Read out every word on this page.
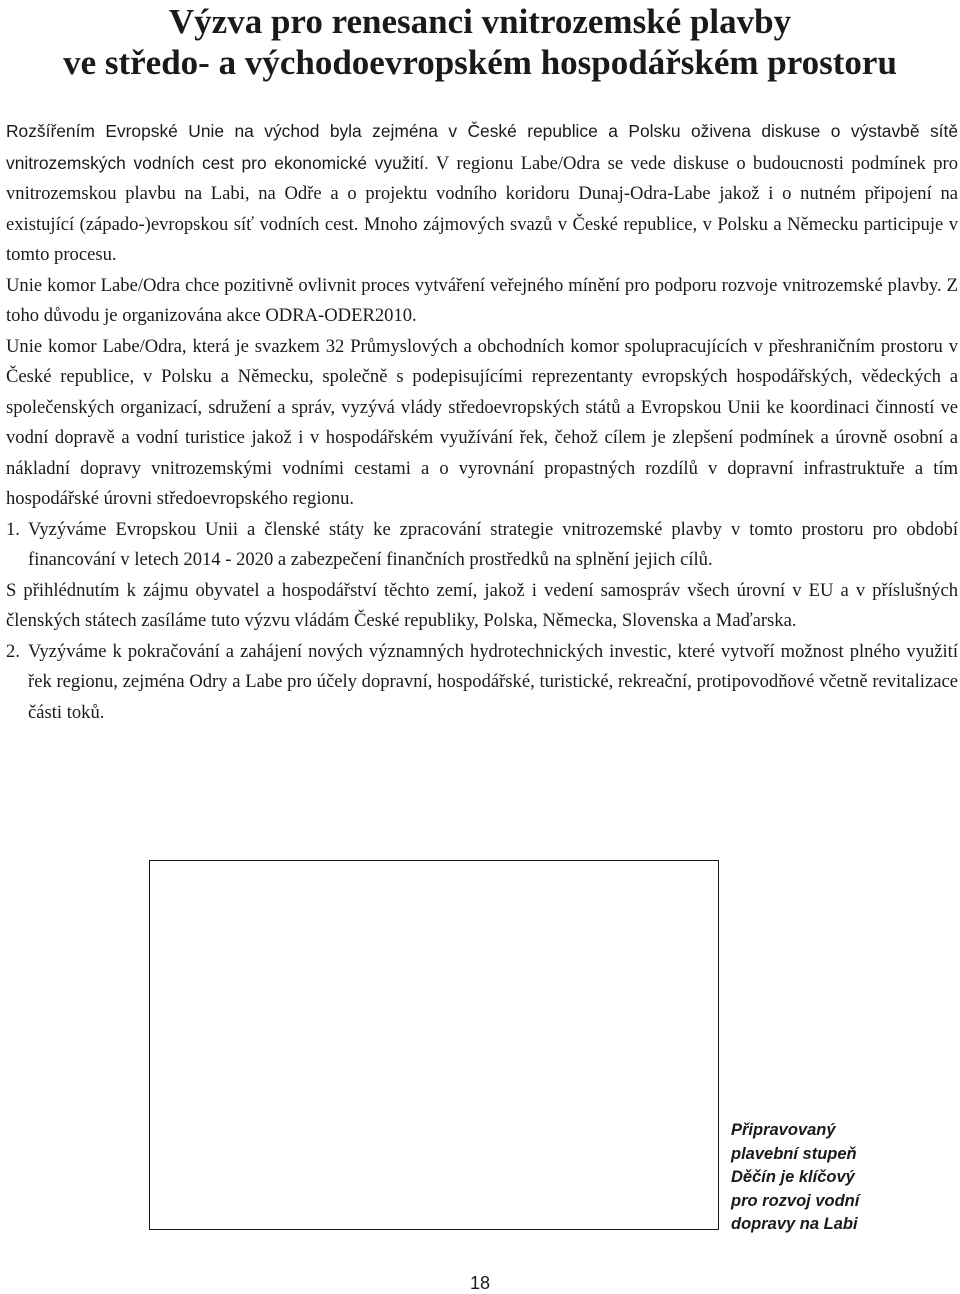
Výzva pro renesanci vnitrozemské plavby
ve středo- a východoevropském hospodářském prostoru

Rozšířením Evropské Unie na východ byla zejména v České republice a Polsku oživena diskuse o výstavbě sítě vnitrozemských vodních cest pro ekonomické využití. V regionu Labe/Odra se vede diskuse o budoucnosti podmínek pro vnitrozemskou plavbu na Labi, na Odře a o projektu vodního koridoru Dunaj-Odra-Labe jakož i o nutném připojení na existující (západo-)evropskou síť vodních cest. Mnoho zájmových svazů v České republice, v Polsku a Německu participuje v tomto procesu.

Unie komor Labe/Odra chce pozitivně ovlivnit proces vytváření veřejného mínění pro podporu rozvoje vnitrozemské plavby. Z toho důvodu je organizována akce ODRA-ODER2010.

Unie komor Labe/Odra, která je svazkem 32 Průmyslových a obchodních komor spolupracujících v přeshraničním prostoru v České republice, v Polsku a Německu, společně s podepisujícími reprezentanty evropských hospodářských, vědeckých a společenských organizací, sdružení a správ, vyzývá vlády středoevropských států a Evropskou Unii ke koordinaci činností ve vodní dopravě a vodní turistice jakož i v hospodářském využívání řek, čehož cílem je zlepšení podmínek a úrovně osobní a nákladní dopravy vnitrozemskými vodními cestami a o vyrovnání propastných rozdílů v dopravní infrastruktuře a tím hospodářské úrovni středoevropského regionu.

1. Vyzýváme Evropskou Unii a členské státy ke zpracování strategie vnitrozemské plavby v tomto prostoru pro období financování v letech 2014 - 2020 a zabezpečení finančních prostředků na splnění jejich cílů.

S přihlédnutím k zájmu obyvatel a hospodářství těchto zemí, jakož i vedení samospráv všech úrovní v EU a v příslušných členských státech zasíláme tuto výzvu vládám České republiky, Polska, Německa, Slovenska a Maďarska.

2. Vyzýváme k pokračování a zahájení nových významných hydrotechnických investic, které vytvoří možnost plného využití řek regionu, zejména Odry a Labe pro účely dopravní, hospodářské, turistické, rekreační, protipovodňové včetně revitalizace části toků.

Připravovaný
plavební stupeň
Děčín je klíčový
pro rozvoj vodní
dopravy na Labi
18
